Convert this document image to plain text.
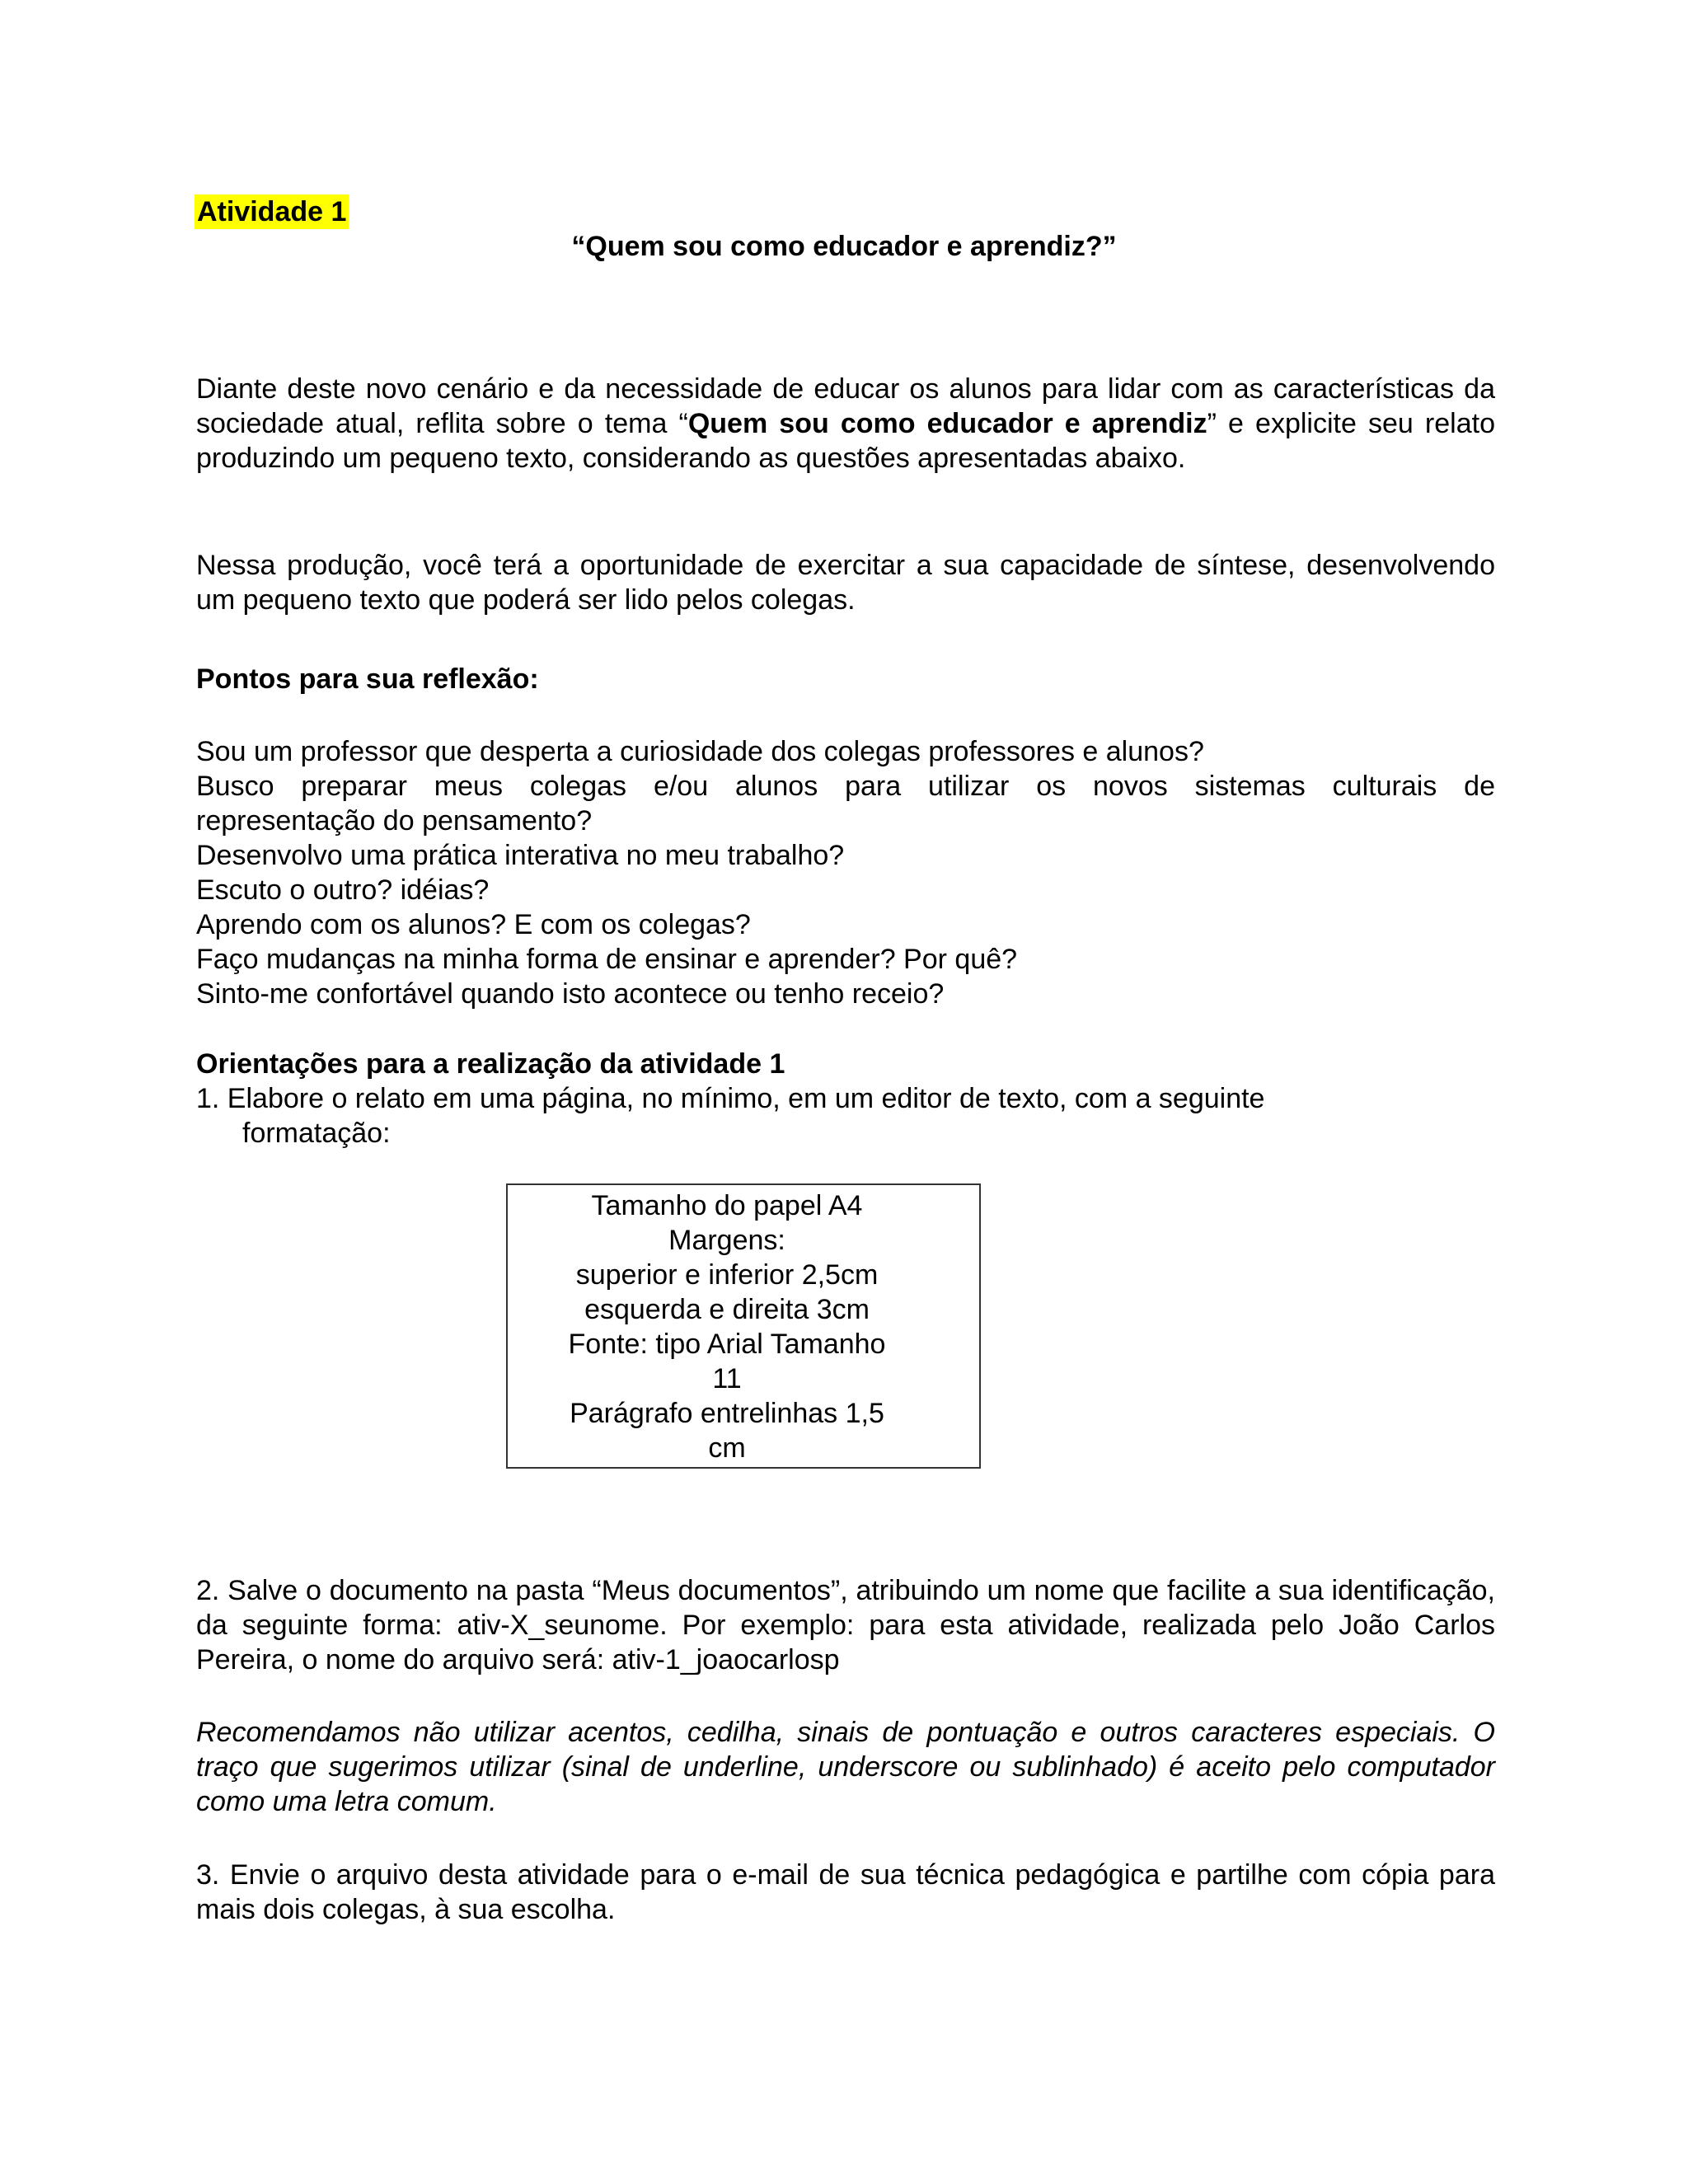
Atividade 1
“Quem sou como educador e aprendiz?”

Diante deste novo cenário e da necessidade de educar os alunos para lidar com as características da sociedade atual, reflita sobre o tema “Quem sou como educador e aprendiz” e explicite seu relato produzindo um pequeno texto, considerando as questões apresentadas abaixo.

Nessa produção, você terá a oportunidade de exercitar a sua capacidade de síntese, desenvolvendo um pequeno texto que poderá ser lido pelos colegas.

Pontos para sua reflexão:
Sou um professor que desperta a curiosidade dos colegas professores e alunos?
Busco preparar meus colegas e/ou alunos para utilizar os novos sistemas culturais de
representação do pensamento?
Desenvolvo uma prática interativa no meu trabalho?
Escuto o outro? idéias?
Aprendo com os alunos? E com os colegas?
Faço mudanças na minha forma de ensinar e aprender? Por quê?
Sinto-me confortável quando isto acontece ou tenho receio?
Orientações para a realização da atividade 1
1. Elabore o relato em uma página, no mínimo, em um editor de texto, com a seguinte
formatação:
Tamanho do papel A4
Margens:
superior e inferior 2,5cm
esquerda e direita 3cm
Fonte: tipo Arial Tamanho
11
Parágrafo entrelinhas 1,5
cm

2. Salve o documento na pasta “Meus documentos”, atribuindo um nome que facilite a sua identificação, da seguinte forma: ativ-X_seunome. Por exemplo: para esta atividade, realizada pelo João Carlos Pereira, o nome do arquivo será: ativ-1_joaocarlosp

Recomendamos não utilizar acentos, cedilha, sinais de pontuação e outros caracteres especiais. O traço que sugerimos utilizar (sinal de underline, underscore ou sublinhado) é aceito pelo computador como uma letra comum.

3. Envie o arquivo desta atividade para o e-mail de sua técnica pedagógica e partilhe com cópia para mais dois colegas, à sua escolha.
